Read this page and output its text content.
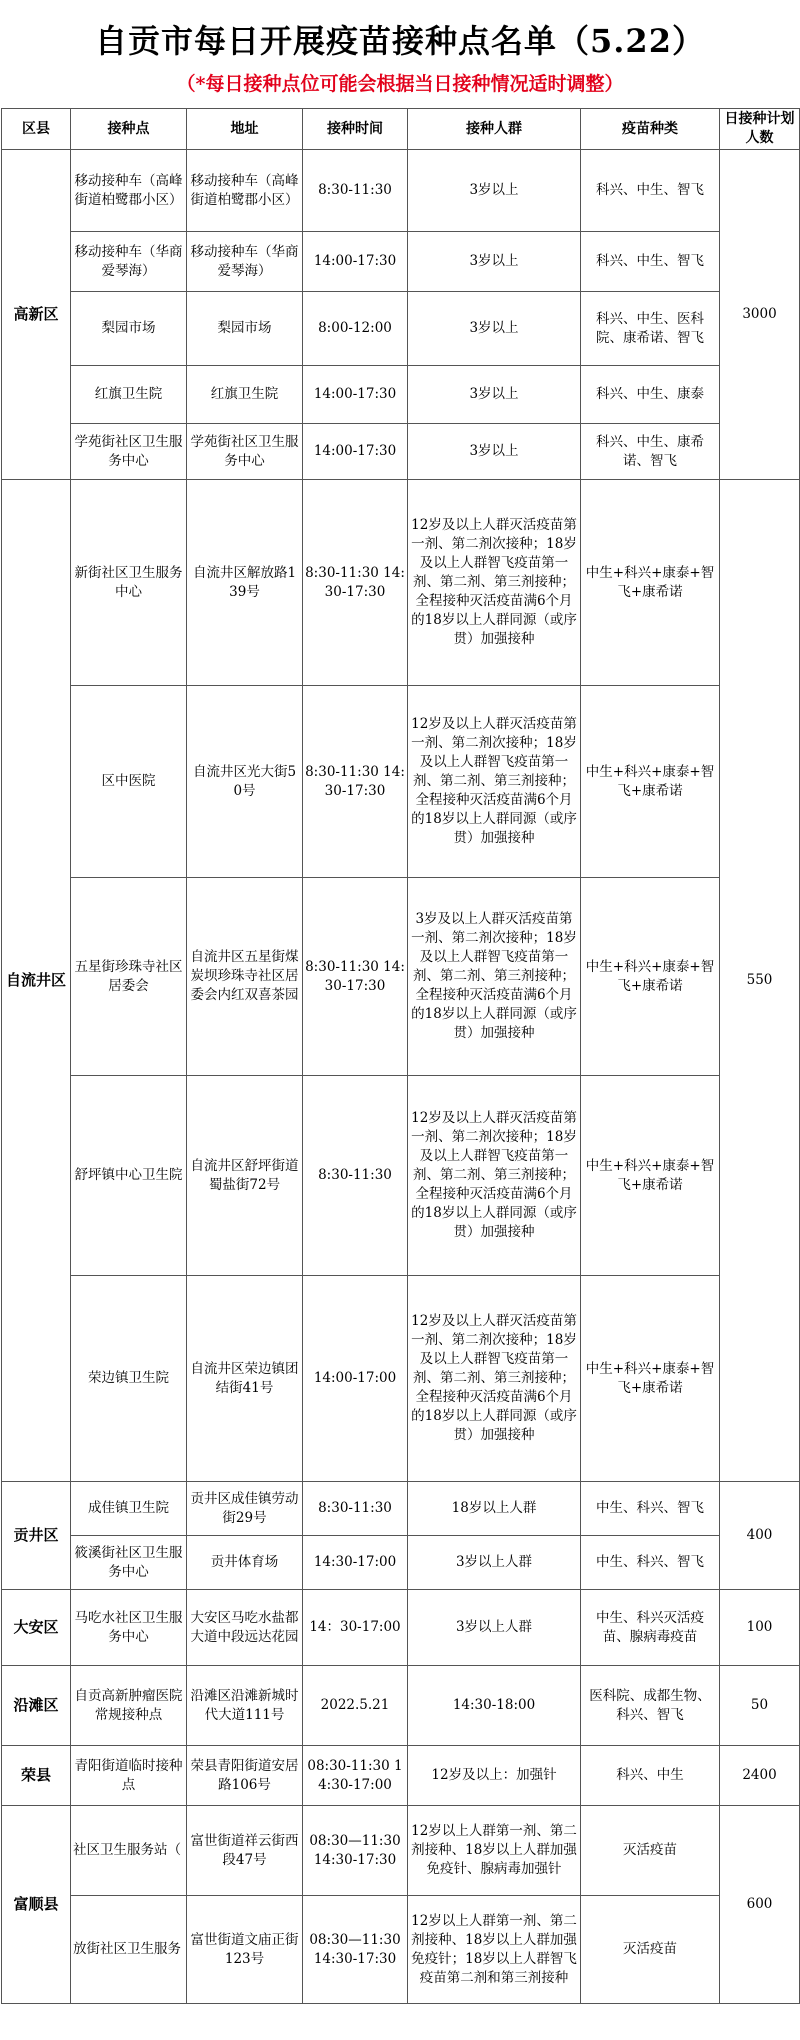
自贡市每日开展疫苗接种点名单（5.22）
（*每日接种点位可能会根据当日接种情况适时调整）
区县	接种点	地址	接种时间	接种人群	疫苗种类	日接种计划人数
高新区	移动接种车（高峰街道柏鹭郡小区）	移动接种车（高峰街道柏鹭郡小区）	8:30-11:30	3岁以上	科兴、中生、智飞	3000
	移动接种车（华商爱琴海）	移动接种车（华商爱琴海）	14:00-17:30	3岁以上	科兴、中生、智飞	
	梨园市场	梨园市场	8:00-12:00	3岁以上	科兴、中生、医科院、康希诺、智飞	
	红旗卫生院	红旗卫生院	14:00-17:30	3岁以上	科兴、中生、康泰	
	学苑街社区卫生服务中心	学苑街社区卫生服务中心	14:00-17:30	3岁以上	科兴、中生、康希诺、智飞	
自流井区	新街社区卫生服务中心	自流井区解放路139号	8:30-11:30 14:30-17:30	12岁及以上人群灭活疫苗第一剂、第二剂次接种；18岁及以上人群智飞疫苗第一剂、第二剂、第三剂接种；全程接种灭活疫苗满6个月的18岁以上人群同源（或序贯）加强接种	中生+科兴+康泰+智飞+康希诺	550
	区中医院	自流井区光大街50号	8:30-11:30 14:30-17:30	12岁及以上人群灭活疫苗第一剂、第二剂次接种；18岁及以上人群智飞疫苗第一剂、第二剂、第三剂接种；全程接种灭活疫苗满6个月的18岁以上人群同源（或序贯）加强接种	中生+科兴+康泰+智飞+康希诺	
	五星街珍珠寺社区居委会	自流井区五星街煤炭坝珍珠寺社区居委会内红双喜茶园	8:30-11:30 14:30-17:30	3岁及以上人群灭活疫苗第一剂、第二剂次接种；18岁及以上人群智飞疫苗第一剂、第二剂、第三剂接种；全程接种灭活疫苗满6个月的18岁以上人群同源（或序贯）加强接种	中生+科兴+康泰+智飞+康希诺	
	舒坪镇中心卫生院	自流井区舒坪街道蜀盐街72号	8:30-11:30	12岁及以上人群灭活疫苗第一剂、第二剂次接种；18岁及以上人群智飞疫苗第一剂、第二剂、第三剂接种；全程接种灭活疫苗满6个月的18岁以上人群同源（或序贯）加强接种	中生+科兴+康泰+智飞+康希诺	
	荣边镇卫生院	自流井区荣边镇团结街41号	14:00-17:00	12岁及以上人群灭活疫苗第一剂、第二剂次接种；18岁及以上人群智飞疫苗第一剂、第二剂、第三剂接种；全程接种灭活疫苗满6个月的18岁以上人群同源（或序贯）加强接种	中生+科兴+康泰+智飞+康希诺	
贡井区	成佳镇卫生院	贡井区成佳镇劳动街29号	8:30-11:30	18岁以上人群	中生、科兴、智飞	400
	筱溪街社区卫生服务中心	贡井体育场	14:30-17:00	3岁以上人群	中生、科兴、智飞	
大安区	马吃水社区卫生服务中心	大安区马吃水盐都大道中段远达花园	14：30-17:00	3岁以上人群	中生、科兴灭活疫苗、腺病毒疫苗	100
沿滩区	自贡高新肿瘤医院常规接种点	沿滩区沿滩新城时代大道111号	2022.5.21	14:30-18:00	医科院、成都生物、科兴、智飞	50
荣县	青阳街道临时接种点	荣县青阳街道安居路106号	08:30-11:30 14:30-17:00	12岁及以上：加强针	科兴、中生	2400
富顺县	社区卫生服务站（	富世街道祥云街西段47号	08:30—11:30 14:30-17:30	12岁以上人群第一剂、第二剂接种、18岁以上人群加强免疫针、腺病毒加强针	灭活疫苗	600
	放街社区卫生服务	富世街道文庙正街123号	08:30—11:30 14:30-17:30	12岁以上人群第一剂、第二剂接种、18岁以上人群加强免疫针；18岁以上人群智飞疫苗第二剂和第三剂接种	灭活疫苗	
